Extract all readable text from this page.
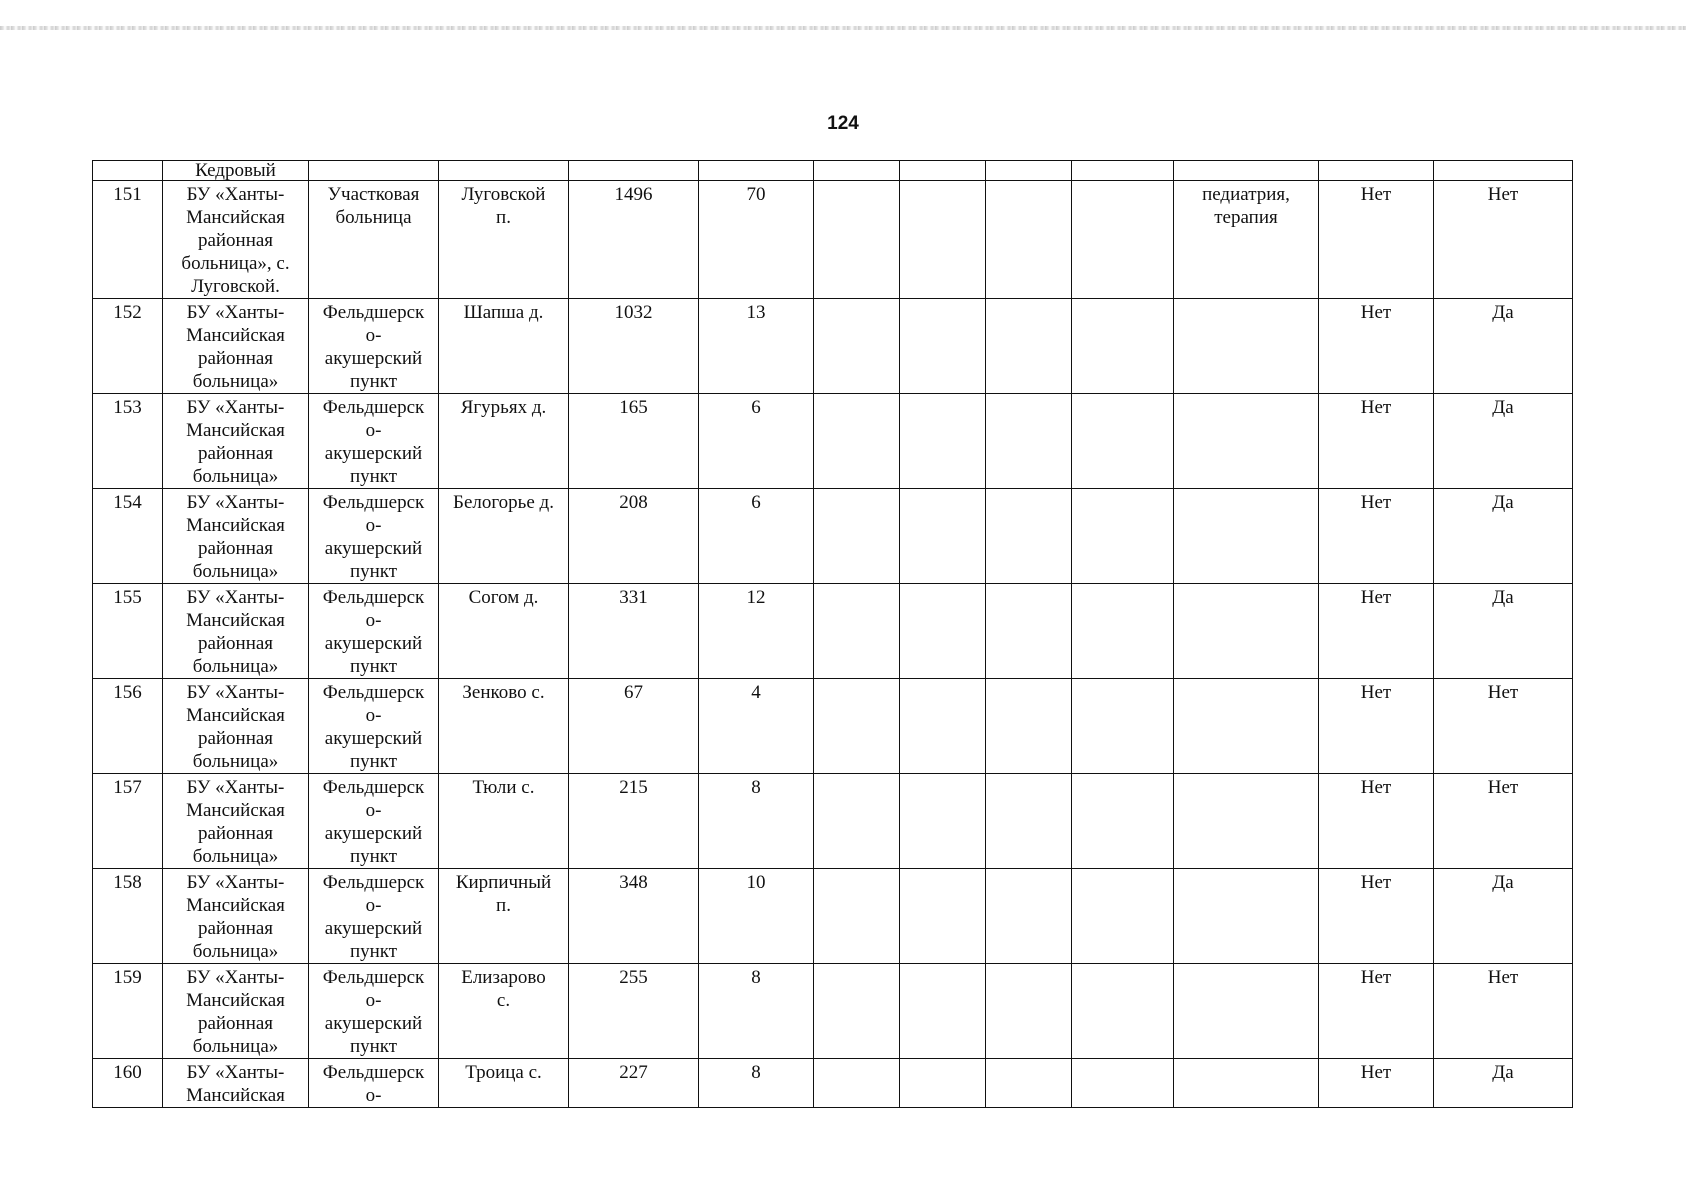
124

	Кедровый											

151	БУ «Ханты-
Мансийская
районная
больница», с.
Луговской.	Участковая
больница	Луговской
п.	1496	70					педиатрия,
терапия	Нет	Нет

152	БУ «Ханты-
Мансийская
районная
больница»	Фельдшерск
о-
акушерский
пункт	Шапша д.	1032	13						Нет	Да

153	БУ «Ханты-
Мансийская
районная
больница»	Фельдшерск
о-
акушерский
пункт	Ягурьях д.	165	6						Нет	Да

154	БУ «Ханты-
Мансийская
районная
больница»	Фельдшерск
о-
акушерский
пункт	Белогорье д.	208	6						Нет	Да

155	БУ «Ханты-
Мансийская
районная
больница»	Фельдшерск
о-
акушерский
пункт	Согом д.	331	12						Нет	Да

156	БУ «Ханты-
Мансийская
районная
больница»	Фельдшерск
о-
акушерский
пункт	Зенково с.	67	4						Нет	Нет

157	БУ «Ханты-
Мансийская
районная
больница»	Фельдшерск
о-
акушерский
пункт	Тюли с.	215	8						Нет	Нет

158	БУ «Ханты-
Мансийская
районная
больница»	Фельдшерск
о-
акушерский
пункт	Кирпичный
п.	348	10						Нет	Да

159	БУ «Ханты-
Мансийская
районная
больница»	Фельдшерск
о-
акушерский
пункт	Елизарово
с.	255	8						Нет	Нет

160	БУ «Ханты-
Мансийская	Фельдшерск
о-	Троица с.	227	8						Нет	Да
